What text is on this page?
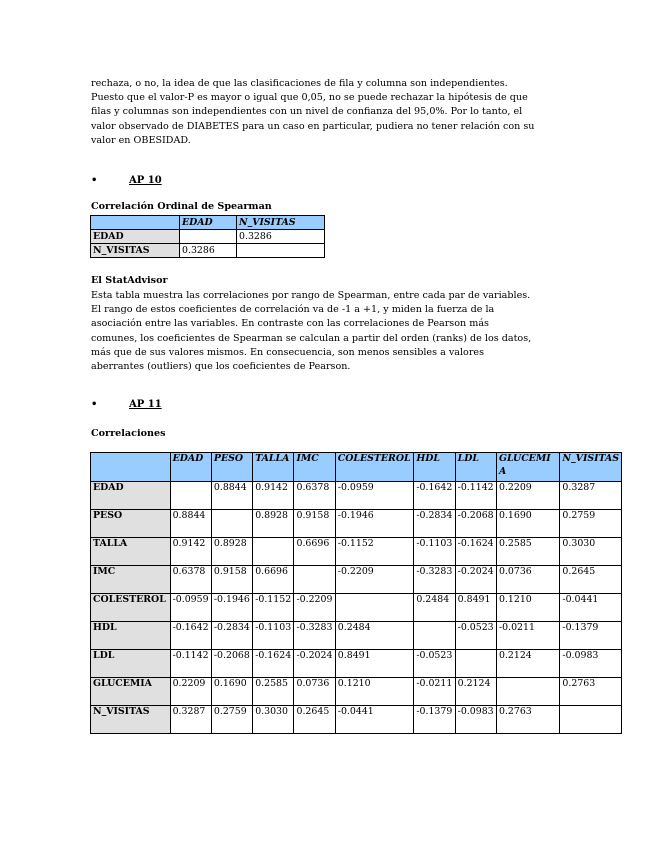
rechaza, o no, la idea de que las clasificaciones de fila y columna son independientes.
Puesto que el valor-P es mayor o igual que 0,05, no se puede rechazar la hipótesis de que
filas y columnas son independientes con un nivel de confianza del 95,0%. Por lo tanto, el
valor observado de DIABETES para un caso en particular, pudiera no tener relación con su
valor en OBESIDAD.
•	AP 10
Correlación Ordinal de Spearman
	EDAD	N_VISITAS
EDAD		0.3286
N_VISITAS	0.3286	
El StatAdvisor
Esta tabla muestra las correlaciones por rango de Spearman, entre cada par de variables.
El rango de estos coeficientes de correlación va de -1 a +1, y miden la fuerza de la
asociación entre las variables. En contraste con las correlaciones de Pearson más
comunes, los coeficientes de Spearman se calculan a partir del orden (ranks) de los datos,
más que de sus valores mismos. En consecuencia, son menos sensibles a valores
aberrantes (outliers) que los coeficientes de Pearson.
•	AP 11
Correlaciones
	EDAD	PESO	TALLA	IMC	COLESTEROL	HDL	LDL	GLUCEMIA	N_VISITAS
EDAD		0.8844	0.9142	0.6378	-0.0959	-0.1642	-0.1142	0.2209	0.3287
PESO	0.8844		0.8928	0.9158	-0.1946	-0.2834	-0.2068	0.1690	0.2759
TALLA	0.9142	0.8928		0.6696	-0.1152	-0.1103	-0.1624	0.2585	0.3030
IMC	0.6378	0.9158	0.6696		-0.2209	-0.3283	-0.2024	0.0736	0.2645
COLESTEROL	-0.0959	-0.1946	-0.1152	-0.2209		0.2484	0.8491	0.1210	-0.0441
HDL	-0.1642	-0.2834	-0.1103	-0.3283	0.2484		-0.0523	-0.0211	-0.1379
LDL	-0.1142	-0.2068	-0.1624	-0.2024	0.8491	-0.0523		0.2124	-0.0983
GLUCEMIA	0.2209	0.1690	0.2585	0.0736	0.1210	-0.0211	0.2124		0.2763
N_VISITAS	0.3287	0.2759	0.3030	0.2645	-0.0441	-0.1379	-0.0983	0.2763	
